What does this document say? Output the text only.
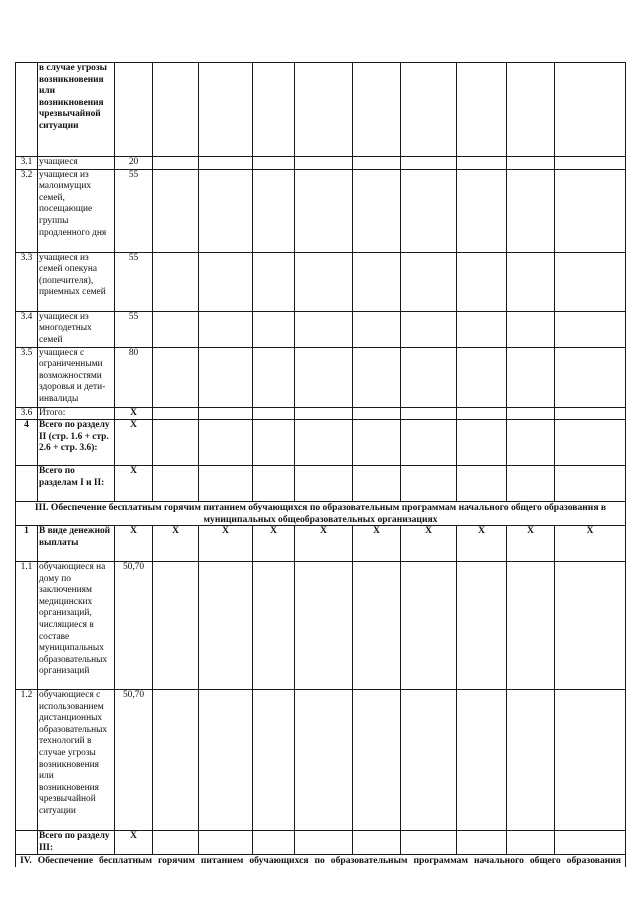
	в случае угрозы возникновения или возникновения чрезвычайной ситуации										
3.1	учащиеся	20									
3.2	учащиеся из малоимущих семей, посещающие группы продленного дня	55									
3.3	учащиеся из семей опекуна (попечителя), приемных семей	55									
3.4	учащиеся из многодетных семей	55									
3.5	учащиеся с ограниченными возможностями здоровья и дети-инвалиды	80									
3.6	Итого:	Х									
4	Всего по разделу II (стр. 1.6 + стр. 2.6 + стр. 3.6):	Х									
	Всего по разделам I и II:	Х									
III. Обеспечение бесплатным горячим питанием обучающихся по образовательным программам начального общего образования в муниципальных общеобразовательных организациях											
1	В виде денежной выплаты	Х	Х	Х	Х	Х	Х	Х	Х	Х	Х
1.1	обучающиеся на дому по заключениям медицинских организаций, числящиеся в составе муниципальных образовательных организаций	50,70									
1.2	обучающиеся с использованием дистанционных образовательных технологий в случае угрозы возникновения или возникновения чрезвычайной ситуации	50,70									
	Всего по разделу III:	Х									
IV. Обеспечение бесплатным горячим питанием обучающихся по образовательным программам начального общего образования											
